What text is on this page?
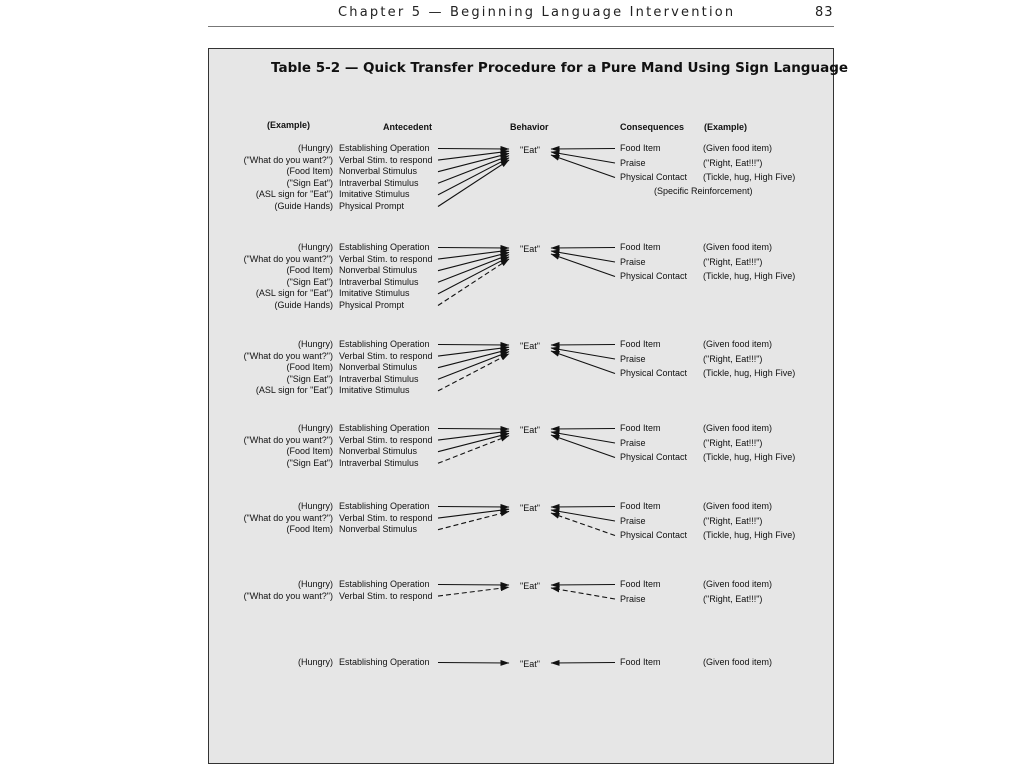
Chapter 5 — Beginning Language Intervention	83
Table 5-2 — Quick Transfer Procedure for a Pure Mand Using Sign Language
(Example)	Antecedent	Behavior	Consequences (Example)
(Specific Reinforcement)
(Hungry) Establishing Operation
("What do you want?") Verbal Stim. to respond
(Food Item) Nonverbal Stimulus
("Sign Eat") Intraverbal Stimulus
(ASL sign for "Eat") Imitative Stimulus
(Guide Hands) Physical Prompt
"Eat"	Food Item	(Given food item)
Praise	("Right, Eat!!!")
Physical Contact (Tickle, hug, High Five)
(Hungry) Establishing Operation
("What do you want?") Verbal Stim. to respond
(Food Item) Nonverbal Stimulus
("Sign Eat") Intraverbal Stimulus
(ASL sign for "Eat") Imitative Stimulus
(Guide Hands) Physical Prompt
"Eat"	Food Item	(Given food item)
Praise	("Right, Eat!!!")
Physical Contact (Tickle, hug, High Five)
(Hungry) Establishing Operation
("What do you want?") Verbal Stim. to respond
(Food Item) Nonverbal Stimulus
("Sign Eat") Intraverbal Stimulus
(ASL sign for "Eat") Imitative Stimulus
"Eat"	Food Item	(Given food item)
Praise	("Right, Eat!!!")
Physical Contact (Tickle, hug, High Five)
(Hungry) Establishing Operation
("What do you want?") Verbal Stim. to respond
(Food Item) Nonverbal Stimulus
("Sign Eat") Intraverbal Stimulus
"Eat"	Food Item	(Given food item)
Praise	("Right, Eat!!!")
Physical Contact (Tickle, hug, High Five)
(Hungry) Establishing Operation
("What do you want?") Verbal Stim. to respond
(Food Item) Nonverbal Stimulus
"Eat"	Food Item	(Given food item)
Praise	("Right, Eat!!!")
Physical Contact (Tickle, hug, High Five)
(Hungry) Establishing Operation
("What do you want?") Verbal Stim. to respond
"Eat"	Food Item	(Given food item)
Praise	("Right, Eat!!!")
(Hungry) Establishing Operation	"Eat"	Food Item	(Given food item)
